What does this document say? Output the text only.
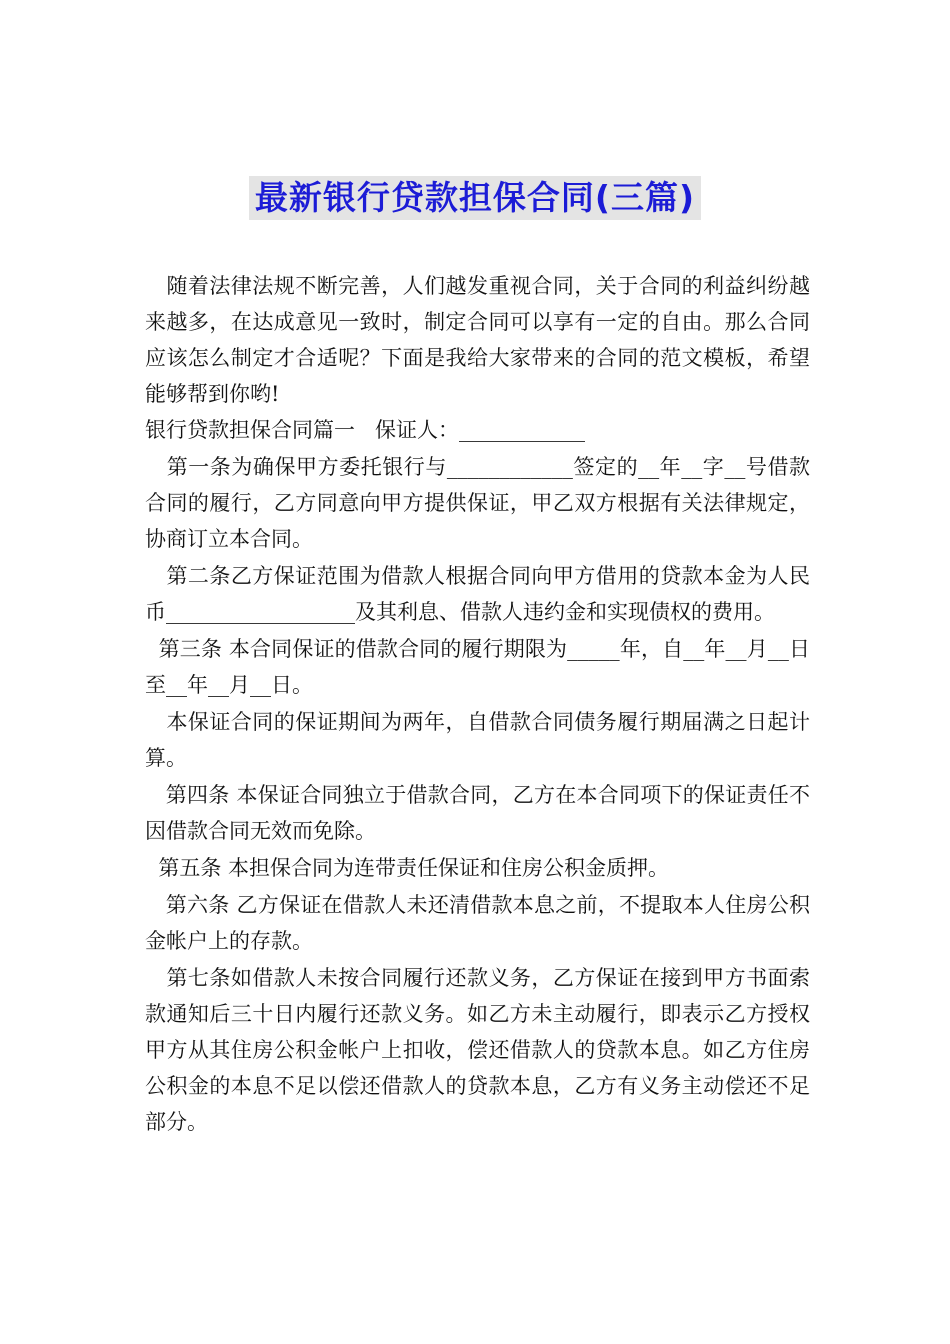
最新银行贷款担保合同(三篇)

随着法律法规不断完善，人们越发重视合同，关于合同的利益纠纷越来越多，在达成意见一致时，制定合同可以享有一定的自由。那么合同应该怎么制定才合适呢？下面是我给大家带来的合同的范文模板，希望能够帮到你哟!

银行贷款担保合同篇一   保证人：____________

第一条为确保甲方委托银行与____________签定的__年__字__号借款合同的履行，乙方同意向甲方提供保证，甲乙双方根据有关法律规定，协商订立本合同。

第二条乙方保证范围为借款人根据合同向甲方借用的贷款本金为人民币__________________及其利息、借款人违约金和实现债权的费用。

第三条 本合同保证的借款合同的履行期限为_____年，自__年__月__日至__年__月__日。

本保证合同的保证期间为两年，自借款合同债务履行期届满之日起计算。

第四条 本保证合同独立于借款合同，乙方在本合同项下的保证责任不因借款合同无效而免除。

第五条 本担保合同为连带责任保证和住房公积金质押。

第六条 乙方保证在借款人未还清借款本息之前，不提取本人住房公积金帐户上的存款。

第七条如借款人未按合同履行还款义务，乙方保证在接到甲方书面索款通知后三十日内履行还款义务。如乙方未主动履行，即表示乙方授权甲方从其住房公积金帐户上扣收，偿还借款人的贷款本息。如乙方住房公积金的本息不足以偿还借款人的贷款本息，乙方有义务主动偿还不足部分。
